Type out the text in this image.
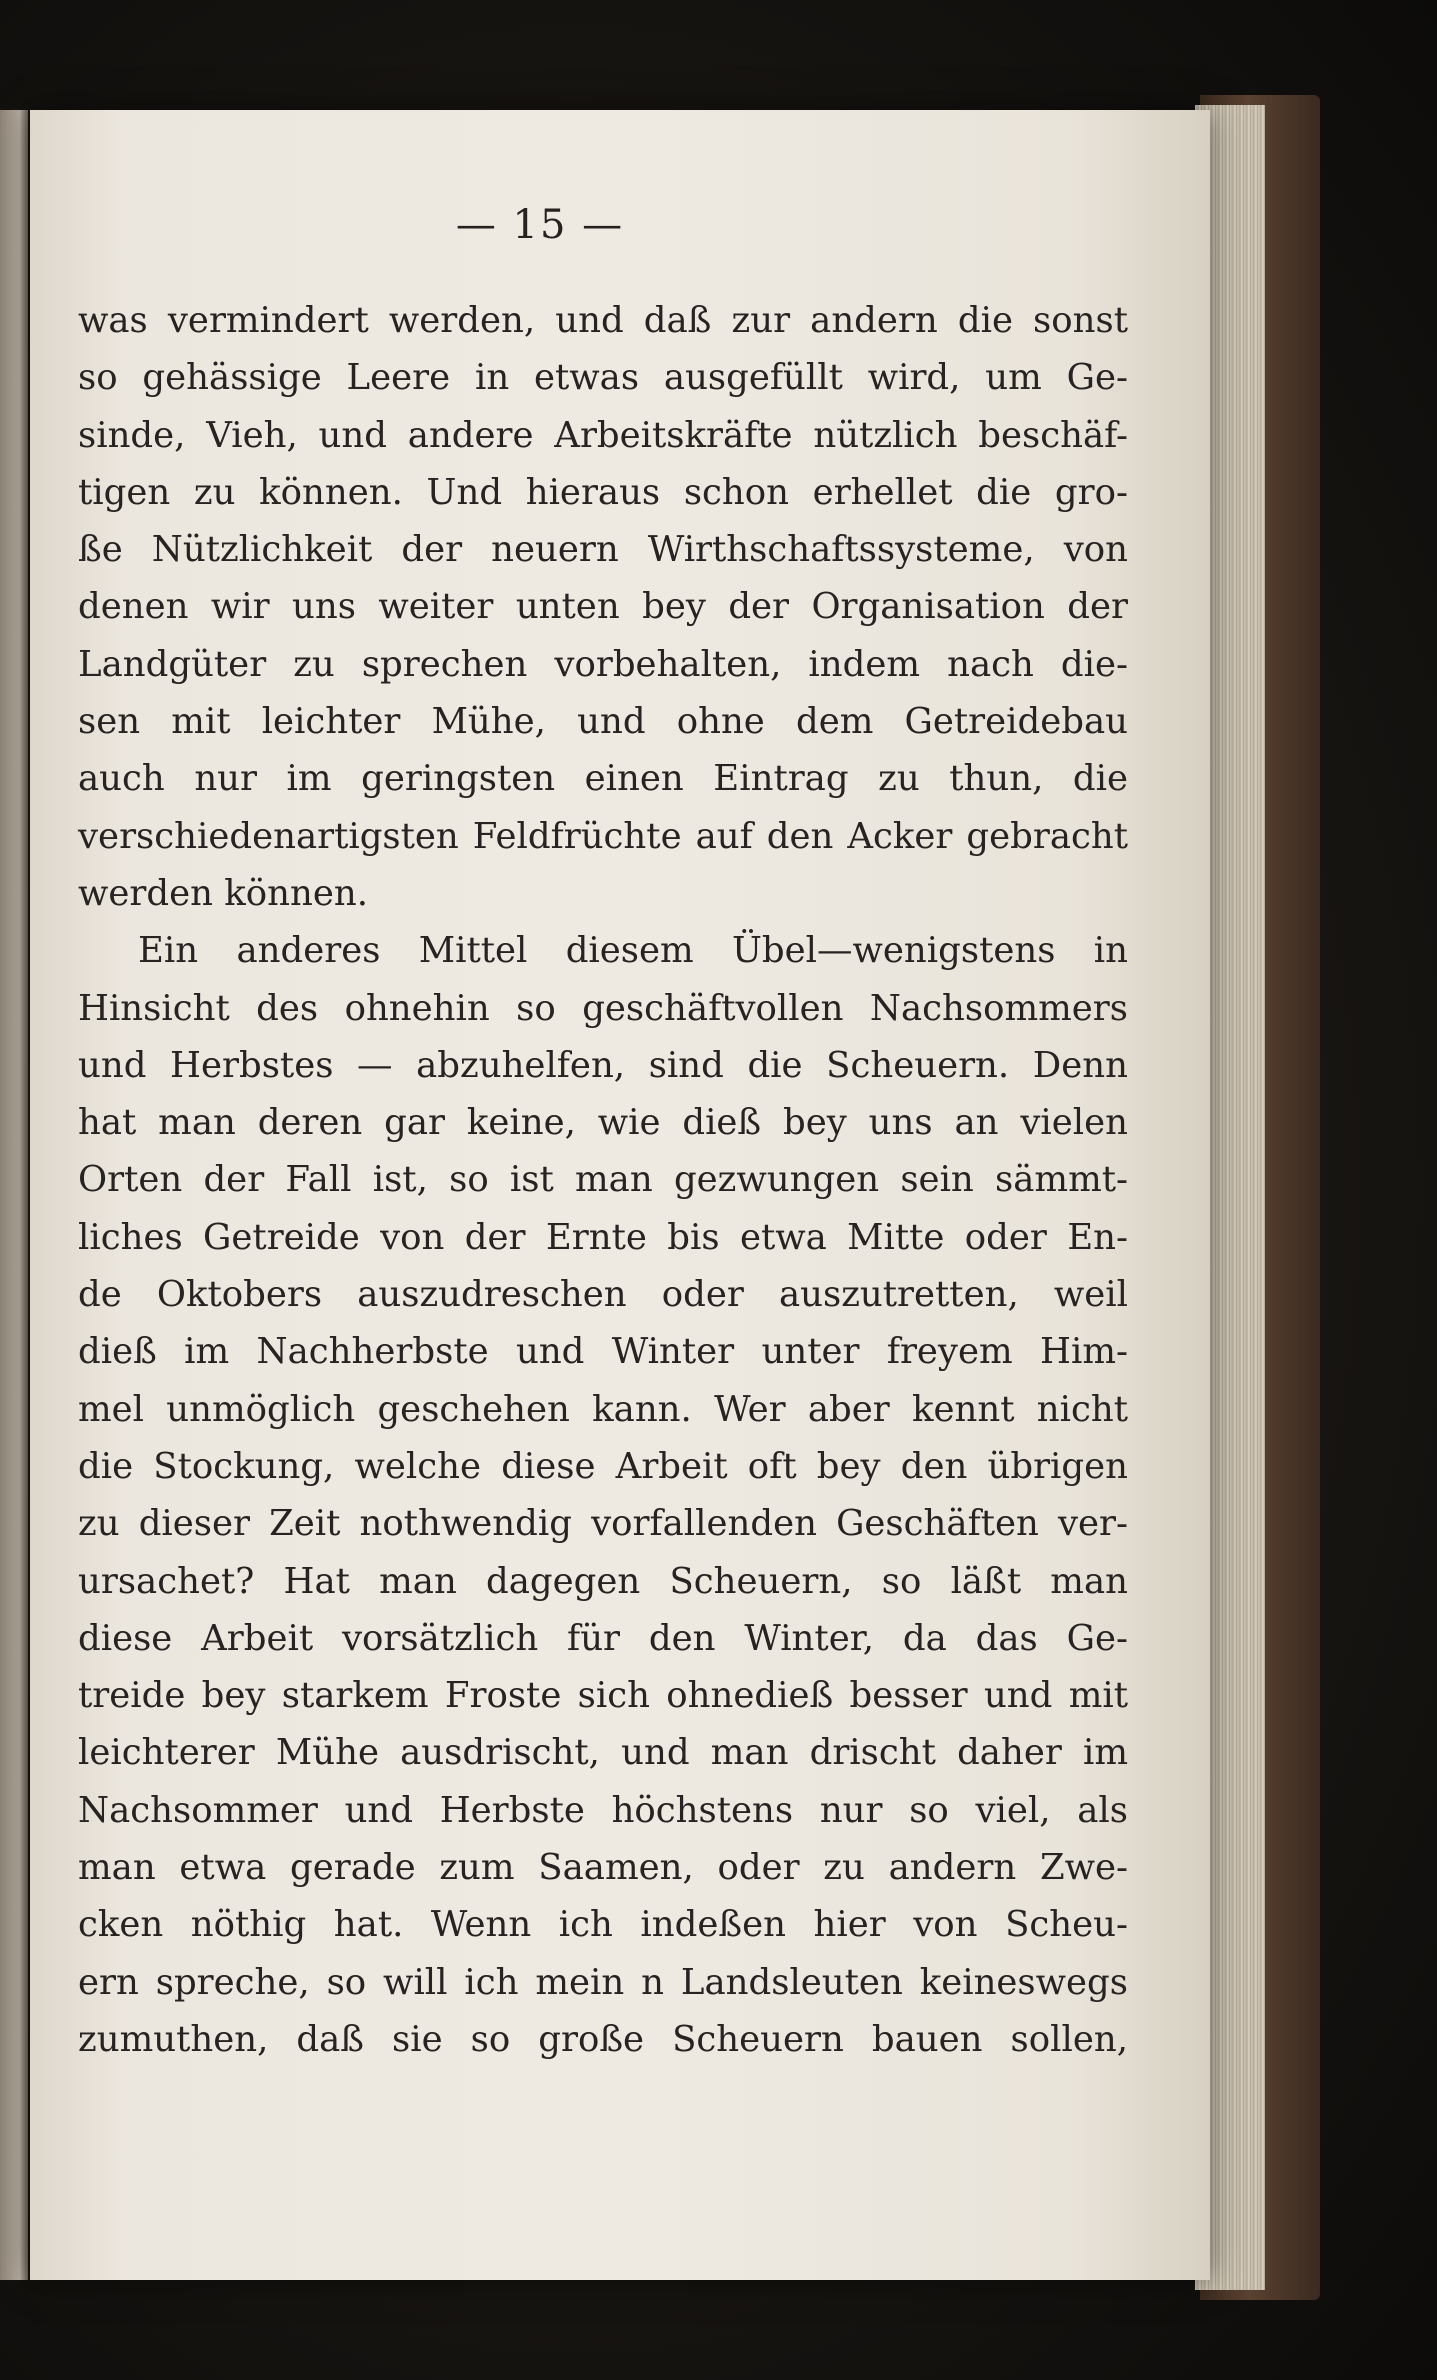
— 15 —
was vermindert werden, und daß zur andern die sonst
so gehässige Leere in etwas ausgefüllt wird, um Ge-
sinde, Vieh, und andere Arbeitskräfte nützlich beschäf-
tigen zu können. Und hieraus schon erhellet die gro-
ße Nützlichkeit der neuern Wirthschaftssysteme, von
denen wir uns weiter unten bey der Organisation der
Landgüter zu sprechen vorbehalten, indem nach die-
sen mit leichter Mühe, und ohne dem Getreidebau
auch nur im geringsten einen Eintrag zu thun, die
verschiedenartigsten Feldfrüchte auf den Acker gebracht
werden können.
Ein anderes Mittel diesem Übel—wenigstens in
Hinsicht des ohnehin so geschäftvollen Nachsommers
und Herbstes — abzuhelfen, sind die Scheuern. Denn
hat man deren gar keine, wie dieß bey uns an vielen
Orten der Fall ist, so ist man gezwungen sein sämmt-
liches Getreide von der Ernte bis etwa Mitte oder En-
de Oktobers auszudreschen oder auszutretten, weil
dieß im Nachherbste und Winter unter freyem Him-
mel unmöglich geschehen kann. Wer aber kennt nicht
die Stockung, welche diese Arbeit oft bey den übrigen
zu dieser Zeit nothwendig vorfallenden Geschäften ver-
ursachet? Hat man dagegen Scheuern, so läßt man
diese Arbeit vorsätzlich für den Winter, da das Ge-
treide bey starkem Froste sich ohnedieß besser und mit
leichterer Mühe ausdrischt, und man drischt daher im
Nachsommer und Herbste höchstens nur so viel, als
man etwa gerade zum Saamen, oder zu andern Zwe-
cken nöthig hat. Wenn ich indeßen hier von Scheu-
ern spreche, so will ich mein n Landsleuten keineswegs
zumuthen, daß sie so große Scheuern bauen sollen,
